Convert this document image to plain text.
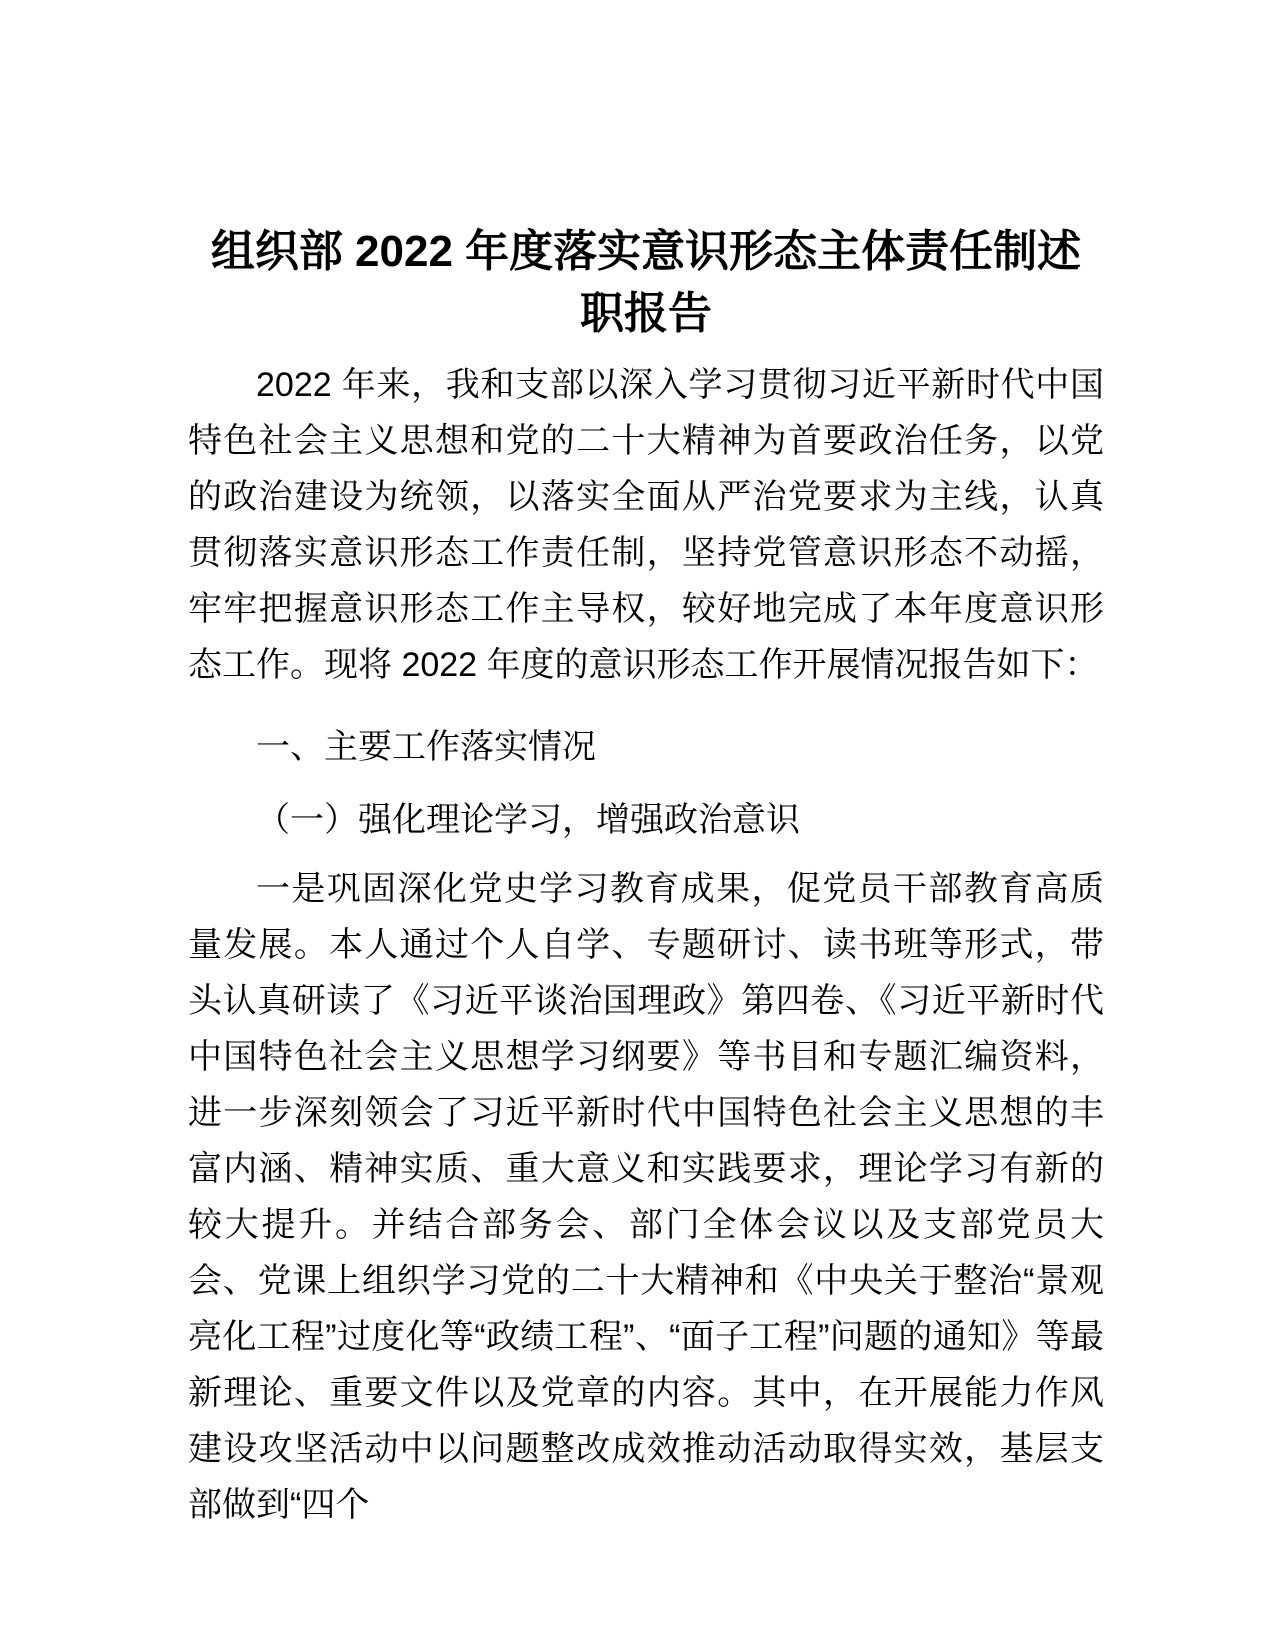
组织部 2022 年度落实意识形态主体责任制述职报告

2022 年来，我和支部以深入学习贯彻习近平新时代中国特色社会主义思想和党的二十大精神为首要政治任务，以党的政治建设为统领，以落实全面从严治党要求为主线，认真贯彻落实意识形态工作责任制，坚持党管意识形态不动摇，牢牢把握意识形态工作主导权，较好地完成了本年度意识形态工作。现将 2022 年度的意识形态工作开展情况报告如下：

一、主要工作落实情况

（一）强化理论学习，增强政治意识

一是巩固深化党史学习教育成果，促党员干部教育高质量发展。本人通过个人自学、专题研讨、读书班等形式，带头认真研读了《习近平谈治国理政》第四卷、《习近平新时代中国特色社会主义思想学习纲要》等书目和专题汇编资料，进一步深刻领会了习近平新时代中国特色社会主义思想的丰富内涵、精神实质、重大意义和实践要求，理论学习有新的较大提升。并结合部务会、部门全体会议以及支部党员大会、党课上组织学习党的二十大精神和《中央关于整治“景观亮化工程”过度化等“政绩工程”、“面子工程”问题的通知》等最新理论、重要文件以及党章的内容。其中，在开展能力作风建设攻坚活动中以问题整改成效推动活动取得实效，基层支部做到“四个
